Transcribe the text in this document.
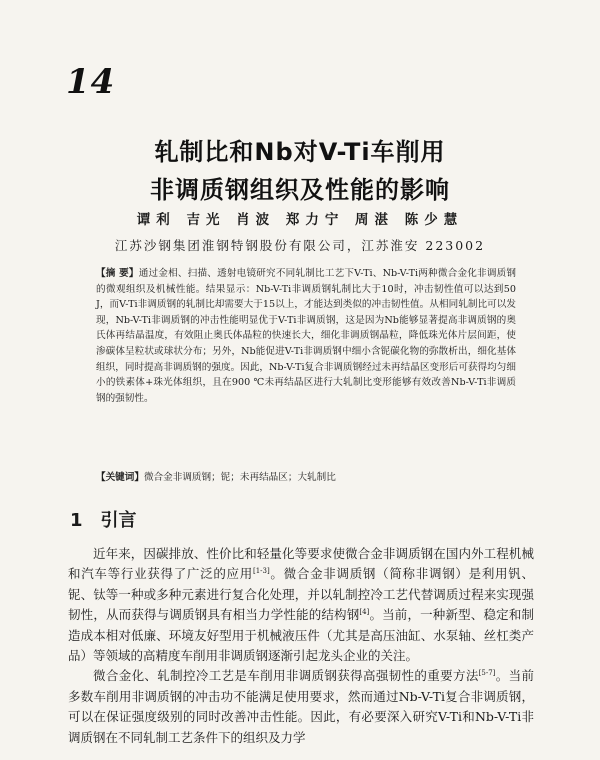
14
轧制比和Nb对V-Ti车削用
非调质钢组织及性能的影响
谭利 吉光 肖波 郑力宁 周湛 陈少慧
江苏沙钢集团淮钢特钢股份有限公司，江苏淮安 223002
【摘 要】通过金相、扫描、透射电镜研究不同轧制比工艺下V-Ti、Nb-V-Ti两种微合金化非调质钢的微观组织及机械性能。结果显示：Nb-V-Ti非调质钢轧制比大于10时，冲击韧性值可以达到50 J，而V-Ti非调质钢的轧制比却需要大于15以上，才能达到类似的冲击韧性值。从相同轧制比可以发现，Nb-V-Ti非调质钢的冲击性能明显优于V-Ti非调质钢，这是因为Nb能够显著提高非调质钢的奥氏体再结晶温度，有效阻止奥氏体晶粒的快速长大，细化非调质钢晶粒，降低珠光体片层间距，使渗碳体呈粒状或球状分布；另外，Nb能促进V-Ti非调质钢中细小含铌碳化物的弥散析出，细化基体组织，同时提高非调质钢的强度。因此，Nb-V-Ti复合非调质钢经过未再结晶区变形后可获得均匀细小的铁素体+珠光体组织，且在900 ℃未再结晶区进行大轧制比变形能够有效改善Nb-V-Ti非调质钢的强韧性。
【关键词】微合金非调质钢；铌；未再结晶区；大轧制比
1 引言

近年来，因碳排放、性价比和轻量化等要求使微合金非调质钢在国内外工程机械和汽车等行业获得了广泛的应用[1-3]。微合金非调质钢（简称非调钢）是利用钒、铌、钛等一种或多种元素进行复合化处理，并以轧制控冷工艺代替调质过程来实现强韧性，从而获得与调质钢具有相当力学性能的结构钢[4]。当前，一种新型、稳定和制造成本相对低廉、环境友好型用于机械液压件（尤其是高压油缸、水泵轴、丝杠类产品）等领域的高精度车削用非调质钢逐渐引起龙头企业的关注。

微合金化、轧制控冷工艺是车削用非调质钢获得高强韧性的重要方法[5-7]。当前多数车削用非调质钢的冲击功不能满足使用要求，然而通过Nb-V-Ti复合非调质钢，可以在保证强度级别的同时改善冲击性能。因此，有必要深入研究V-Ti和Nb-V-Ti非调质钢在不同轧制工艺条件下的组织及力学
